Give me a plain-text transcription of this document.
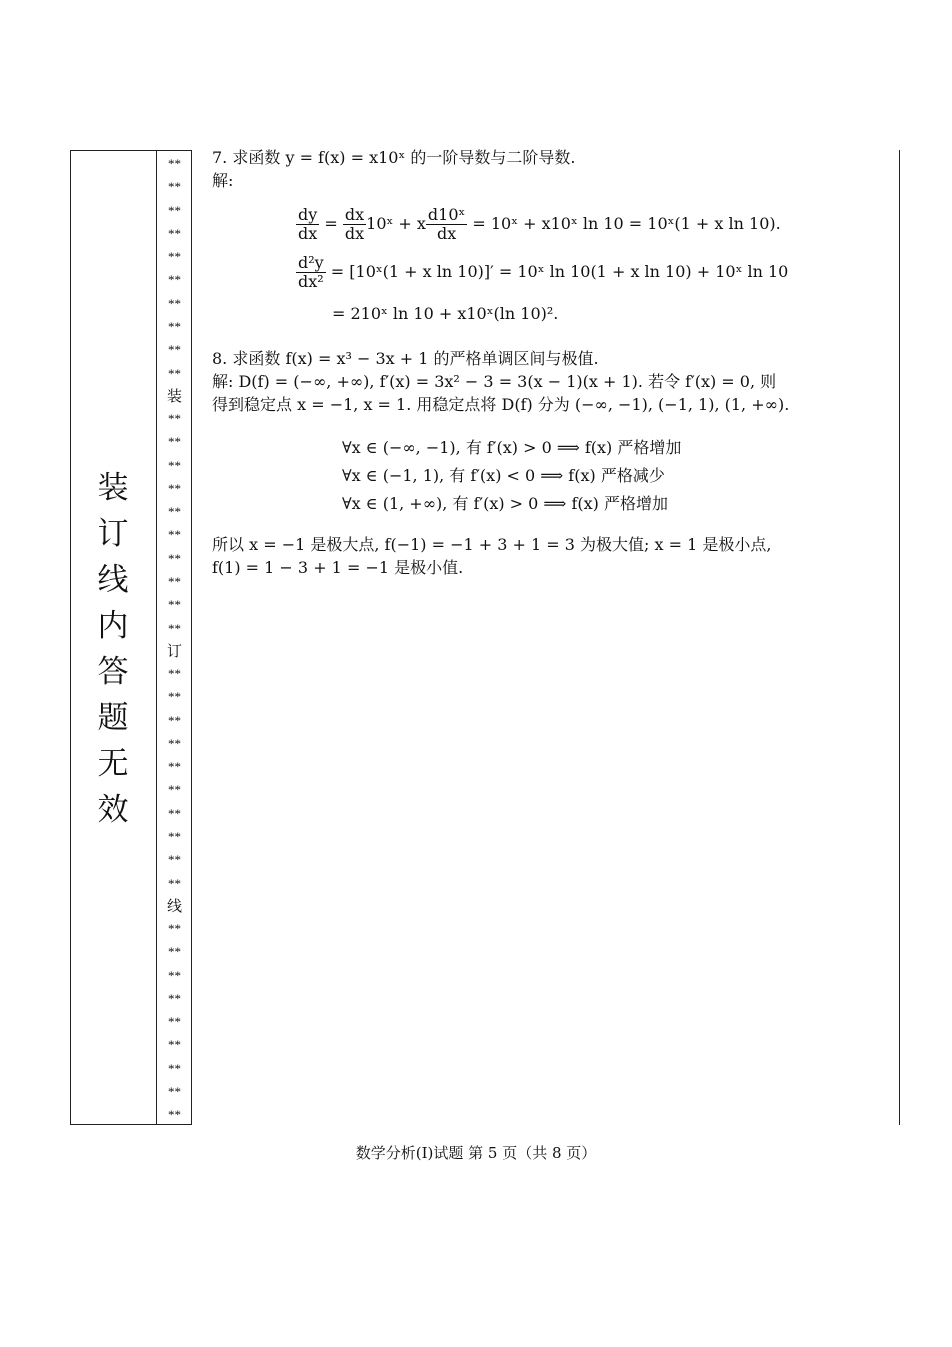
装
订
线
内
答
题
无
效
**
**
**
**
**
**
**
**
**
**
装
**
**
**
**
**
**
**
**
**
**
订
**
**
**
**
**
**
**
**
**
**
线
**
**
**
**
**
**
**
**
**

7. 求函数 y = f(x) = x10ˣ 的一阶导数与二阶导数.

解:

$\frac{dy}{dx} = \frac{dx}{dx}$ 10ˣ + x $\frac{\text{d10ˣ}}{dx}$ = 10ˣ + x10ˣ ln 10 = 10ˣ(1 + x ln 10).
$\frac{\text{d²y}}{\text{dx²}}$ = [10ˣ(1 + x ln 10)]′ = 10ˣ ln 10(1 + x ln 10) + 10ˣ ln 10
= 210ˣ ln 10 + x10ˣ(ln 10)².

8. 求函数 f(x) = x³ − 3x + 1 的严格单调区间与极值.

解: D(f) = (−∞, +∞), f′(x) = 3x² − 3 = 3(x − 1)(x + 1). 若令 f′(x) = 0, 则

得到稳定点 x = −1, x = 1. 用稳定点将 D(f) 分为 (−∞, −1), (−1, 1), (1, +∞).

∀x ∈ (−∞, −1), 有 f′(x) > 0 ⟹ f(x) 严格增加
∀x ∈ (−1, 1), 有 f′(x) < 0 ⟹ f(x) 严格减少
∀x ∈ (1, +∞), 有 f′(x) > 0 ⟹ f(x) 严格增加

所以 x = −1 是极大点, f(−1) = −1 + 3 + 1 = 3 为极大值; x = 1 是极小点,

f(1) = 1 − 3 + 1 = −1 是极小值.

数学分析(I)试题 第 5 页（共 8 页）
